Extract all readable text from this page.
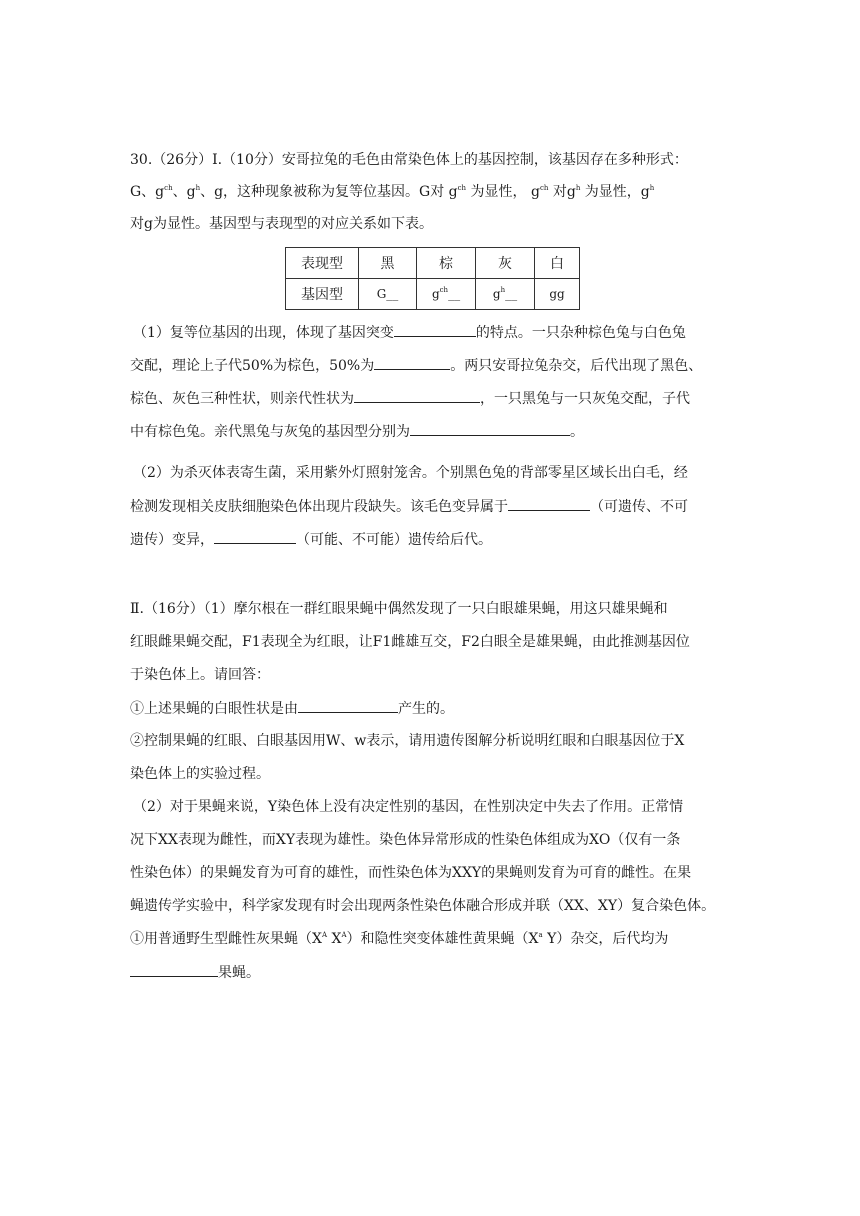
30.（26分）Ⅰ.（10分）安哥拉兔的毛色由常染色体上的基因控制，该基因存在多种形式：
G、$g^{ch}$、$g^h$、g，这种现象被称为复等位基因。G对 $g^{ch}$ 为显性， $g^{ch}$ 对$g^h$ 为显性，$g^h$
对g为显性。基因型与表现型的对应关系如下表。
表现型	黑	棕	灰	白
基因型	G__	$g^{ch}\_\_$	$g^h\_\_$	gg
（1）复等位基因的出现，体现了基因突变	的特点。一只杂种棕色兔与白色兔
交配，理论上子代50%为棕色，50%为	。两只安哥拉兔杂交，后代出现了黑色、
棕色、灰色三种性状，则亲代性状为	，一只黑兔与一只灰兔交配，子代
中有棕色兔。亲代黑兔与灰兔的基因型分别为	。
（2）为杀灭体表寄生菌，采用紫外灯照射笼舍。个别黑色兔的背部零星区域长出白毛，经
检测发现相关皮肤细胞染色体出现片段缺失。该毛色变异属于	（可遗传、不可
遗传）变异，	（可能、不可能）遗传给后代。
Ⅱ.（16分）（1）摩尔根在一群红眼果蝇中偶然发现了一只白眼雄果蝇，用这只雄果蝇和
红眼雌果蝇交配，F1表现全为红眼，让F1雌雄互交，F2白眼全是雄果蝇，由此推测基因位
于染色体上。请回答：
①上述果蝇的白眼性状是由	产生的。
②控制果蝇的红眼、白眼基因用W、w表示，请用遗传图解分析说明红眼和白眼基因位于X
染色体上的实验过程。
（2）对于果蝇来说，Y染色体上没有决定性别的基因，在性别决定中失去了作用。正常情
况下XX表现为雌性，而XY表现为雄性。染色体异常形成的性染色体组成为XO（仅有一条
性染色体）的果蝇发育为可育的雄性，而性染色体为XXY的果蝇则发育为可育的雌性。在果
蝇遗传学实验中，科学家发现有时会出现两条性染色体融合形成并联（XX、XY）复合染色体。
①用普通野生型雌性灰果蝇（$X^A$ $X^A$）和隐性突变体雄性黄果蝇（$X^a$ Y）杂交，后代均为
果蝇。
